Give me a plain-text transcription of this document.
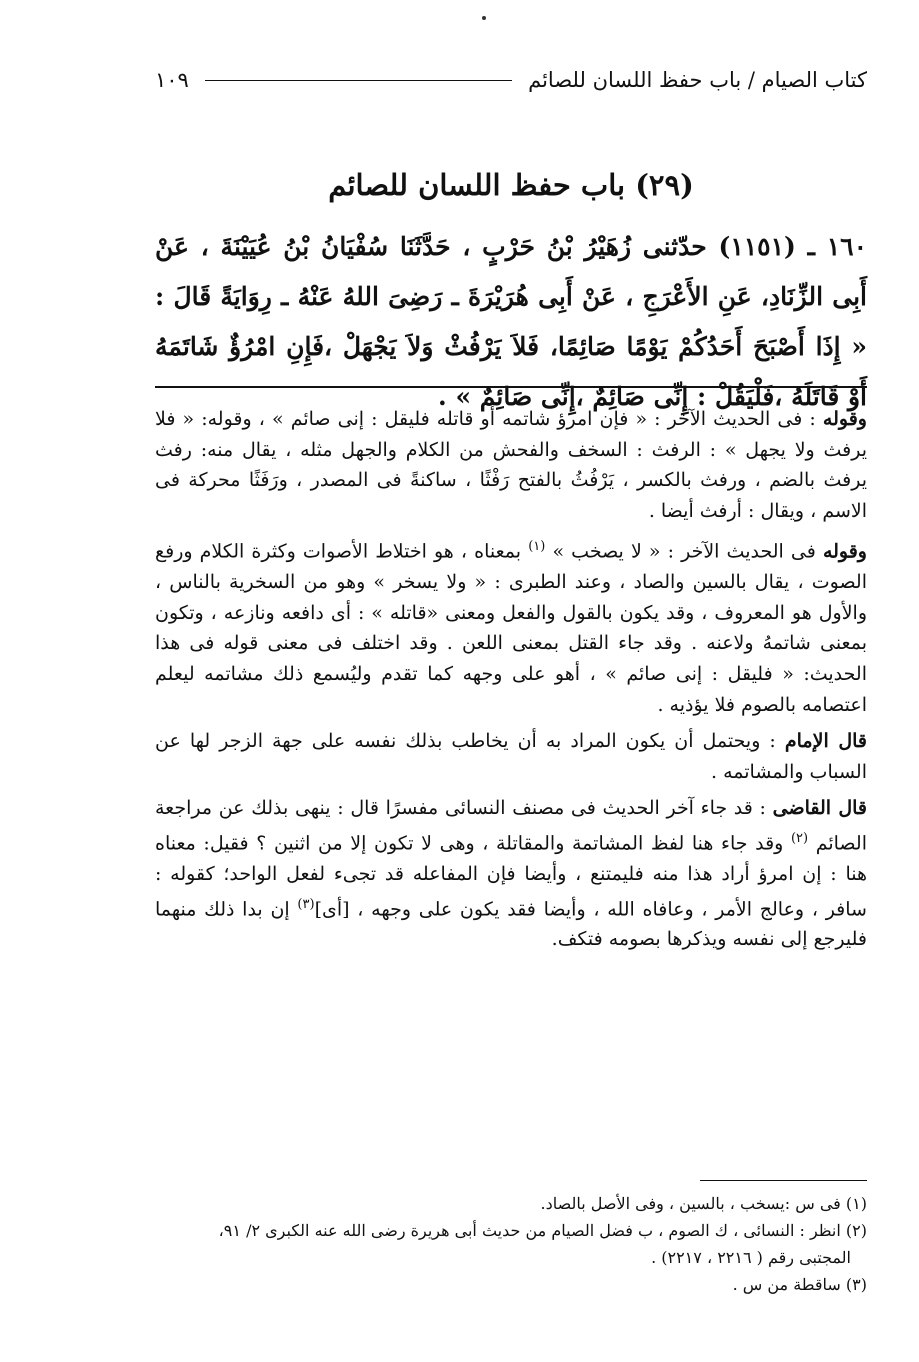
كتاب الصيام / باب حفظ اللسان للصائم
١٠٩
(٢٩) باب حفظ اللسان للصائم
١٦٠ ـ (١١٥١) حدّثنى زُهَيْرُ بْنُ حَرْبٍ ، حَدَّثَنَا سُفْيَانُ بْنُ عُيَيْنَةَ ، عَنْ أَبِى الزِّنَادِ، عَنِ الأَعْرَجِ ، عَنْ أَبِى هُرَيْرَةَ ـ رَضِىَ اللهُ عَنْهُ ـ رِوَايَةً قَالَ : « إِذَا أَصْبَحَ أَحَدُكُمْ يَوْمًا صَائِمًا، فَلاَ يَرْفُثْ وَلاَ يَجْهَلْ ،فَإِنِ امْرُؤٌ شَاتَمَهُ أَوْ قَاتَلَهُ ،فَلْيَقُلْ : إِنِّى صَائِمٌ ،إِنِّى صَائِمٌ » .

وقوله : فى الحديث الآخر : « فإن امرؤ شاتمه أو قاتله فليقل : إنى صائم » ، وقوله: « فلا يرفث ولا يجهل » : الرفث : السخف والفحش من الكلام والجهل مثله ، يقال منه: رفث يرفث بالضم ، ورفث بالكسر ، يَرْفُثُ بالفتح رَفْثًا ، ساكنةً فى المصدر ، ورَفَثًا محركة فى الاسم ، ويقال : أرفث أيضا .

وقوله فى الحديث الآخر : « لا يصخب » $^{(١)}$ بمعناه ، هو اختلاط الأصوات وكثرة الكلام ورفع الصوت ، يقال بالسين والصاد ، وعند الطبرى : « ولا يسخر » وهو من السخرية بالناس ، والأول هو المعروف ، وقد يكون بالقول والفعل ومعنى «قاتله » : أى دافعه ونازعه ، وتكون بمعنى شاتمهُ ولاعنه . وقد جاء القتل بمعنى اللعن . وقد اختلف فى معنى قوله فى هذا الحديث: « فليقل : إنى صائم » ، أهو على وجهه كما تقدم وليُسمع ذلك مشاتمه ليعلم اعتصامه بالصوم فلا يؤذيه .

قال الإمام : ويحتمل أن يكون المراد به أن يخاطب بذلك نفسه على جهة الزجر لها عن السباب والمشاتمه .

قال القاضى : قد جاء آخر الحديث فى مصنف النسائى مفسرًا قال : ينهى بذلك عن مراجعة الصائم $^{(٢)}$ وقد جاء هنا لفظ المشاتمة والمقاتلة ، وهى لا تكون إلا من اثنين ؟ فقيل: معناه هنا : إن امرؤ أراد هذا منه فليمتنع ، وأيضا فإن المفاعله قد تجىء لفعل الواحد؛ كقوله : سافر ، وعالج الأمر ، وعافاه الله ، وأيضا فقد يكون على وجهه ، [أى]$^{(٣)}$ إن بدا ذلك منهما فليرجع إلى نفسه ويذكرها بصومه فتكف.

(١) فى س :يسخب ، بالسين ، وفى الأصل بالصاد.
(٢) انظر : النسائى ، ك الصوم ، ب فضل الصيام من حديث أبى هريرة رضى الله عنه الكبرى ٢/ ٩١،
المجتبى رقم ( ٢٢١٦ ، ٢٢١٧) .
(٣) ساقطة من س .
